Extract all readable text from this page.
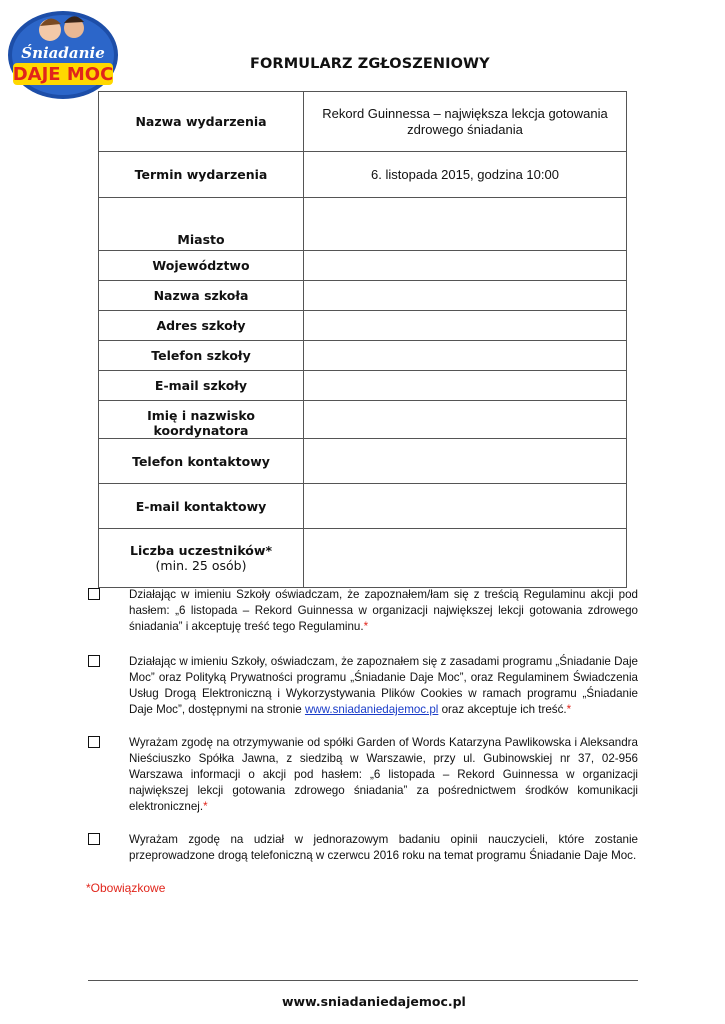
Śniadanie
DAJE MOC	FORMULARZ ZGŁOSZENIOWY
Nazwa wydarzenia	Rekord Guinnessa – największa lekcja gotowania
zdrowego śniadania

Termin wydarzenia	6. listopada 2015, godzina 10:00
Miasto	
Województwo	
Nazwa szkoła	
Adres szkoły	
Telefon szkoły	
E-mail szkoły	
Imię i nazwisko koordynatora	
Telefon kontaktowy	
E-mail kontaktowy	

Liczba uczestników*
(min. 25 osób)	

Działając w imieniu Szkoły oświadczam, że zapoznałem/łam się z treścią Regulaminu akcji pod hasłem: „6 listopada – Rekord Guinnessa w organizacji największej lekcji gotowania zdrowego śniadania” i akceptuję treść tego Regulaminu.*
Działając w imieniu Szkoły, oświadczam, że zapoznałem się z zasadami programu „Śniadanie Daje Moc” oraz Polityką Prywatności programu „Śniadanie Daje Moc”, oraz Regulaminem Świadczenia Usług Drogą Elektroniczną i Wykorzystywania Plików Cookies w ramach programu „Śniadanie Daje Moc”, dostępnymi na stronie www.sniadaniedajemoc.pl oraz akceptuje ich treść.*
Wyrażam zgodę na otrzymywanie od spółki Garden of Words Katarzyna Pawlikowska i Aleksandra Nieściuszko Spółka Jawna, z siedzibą w Warszawie, przy ul. Gubinowskiej nr 37, 02-956 Warszawa informacji o akcji pod hasłem: „6 listopada – Rekord Guinnessa w organizacji największej lekcji gotowania zdrowego śniadania” za pośrednictwem środków komunikacji elektronicznej.*
Wyrażam zgodę na udział w jednorazowym badaniu opinii nauczycieli, które zostanie przeprowadzone drogą telefoniczną w czerwcu 2016 roku na temat programu Śniadanie Daje Moc.
*Obowiązkowe
www.sniadaniedajemoc.pl
